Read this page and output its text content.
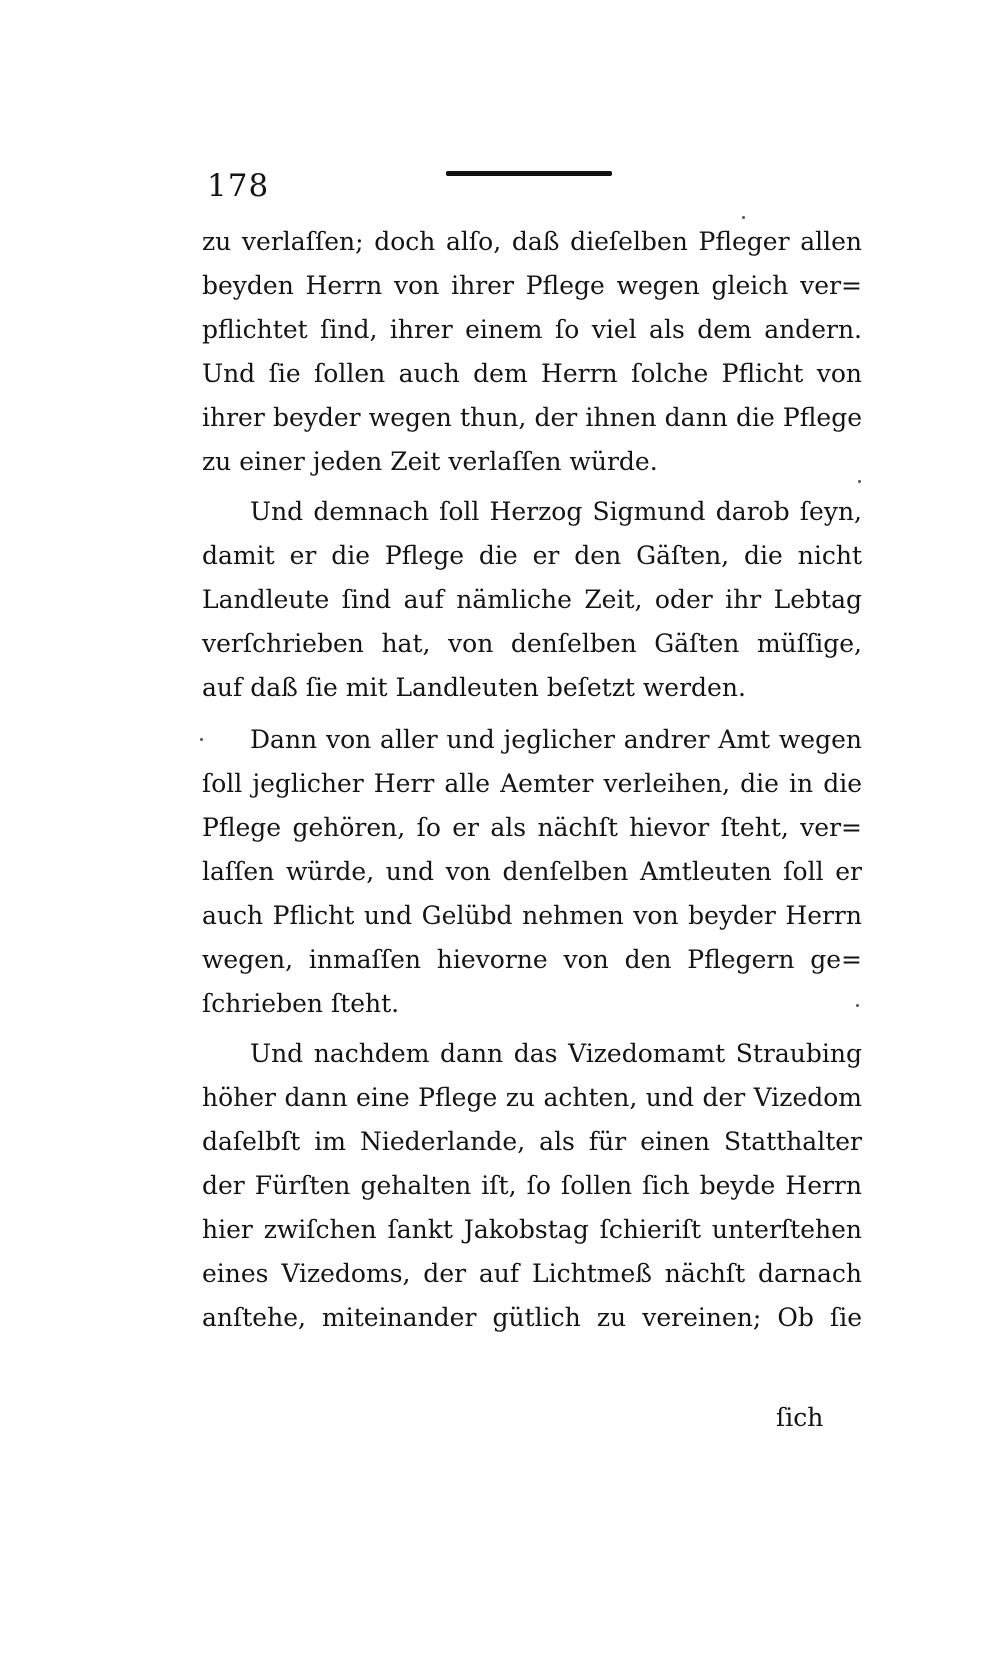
178
zu verlaſſen; doch alſo, daß dieſelben Pfleger allen
beyden Herrn von ihrer Pflege wegen gleich ver=
pflichtet ſind, ihrer einem ſo viel als dem andern.
Und ſie ſollen auch dem Herrn ſolche Pflicht von
ihrer beyder wegen thun, der ihnen dann die Pflege
zu einer jeden Zeit verlaſſen würde.
Und demnach ſoll Herzog Sigmund darob ſeyn,
damit er die Pflege die er den Gäſten, die nicht
Landleute ſind auf nämliche Zeit, oder ihr Lebtag
verſchrieben hat, von denſelben Gäſten müſſige,
auf daß ſie mit Landleuten beſetzt werden.
Dann von aller und jeglicher andrer Amt wegen
ſoll jeglicher Herr alle Aemter verleihen, die in die
Pflege gehören, ſo er als nächſt hievor ſteht, ver=
laſſen würde, und von denſelben Amtleuten ſoll er
auch Pflicht und Gelübd nehmen von beyder Herrn
wegen, inmaſſen hievorne von den Pflegern ge=
ſchrieben ſteht.
Und nachdem dann das Vizedomamt Straubing
höher dann eine Pflege zu achten, und der Vizedom
daſelbſt im Niederlande, als für einen Statthalter
der Fürſten gehalten iſt, ſo ſollen ſich beyde Herrn
hier zwiſchen ſankt Jakobstag ſchieriſt unterſtehen
eines Vizedoms, der auf Lichtmeß nächſt darnach
anſtehe, miteinander gütlich zu vereinen; Ob ſie
ſich
